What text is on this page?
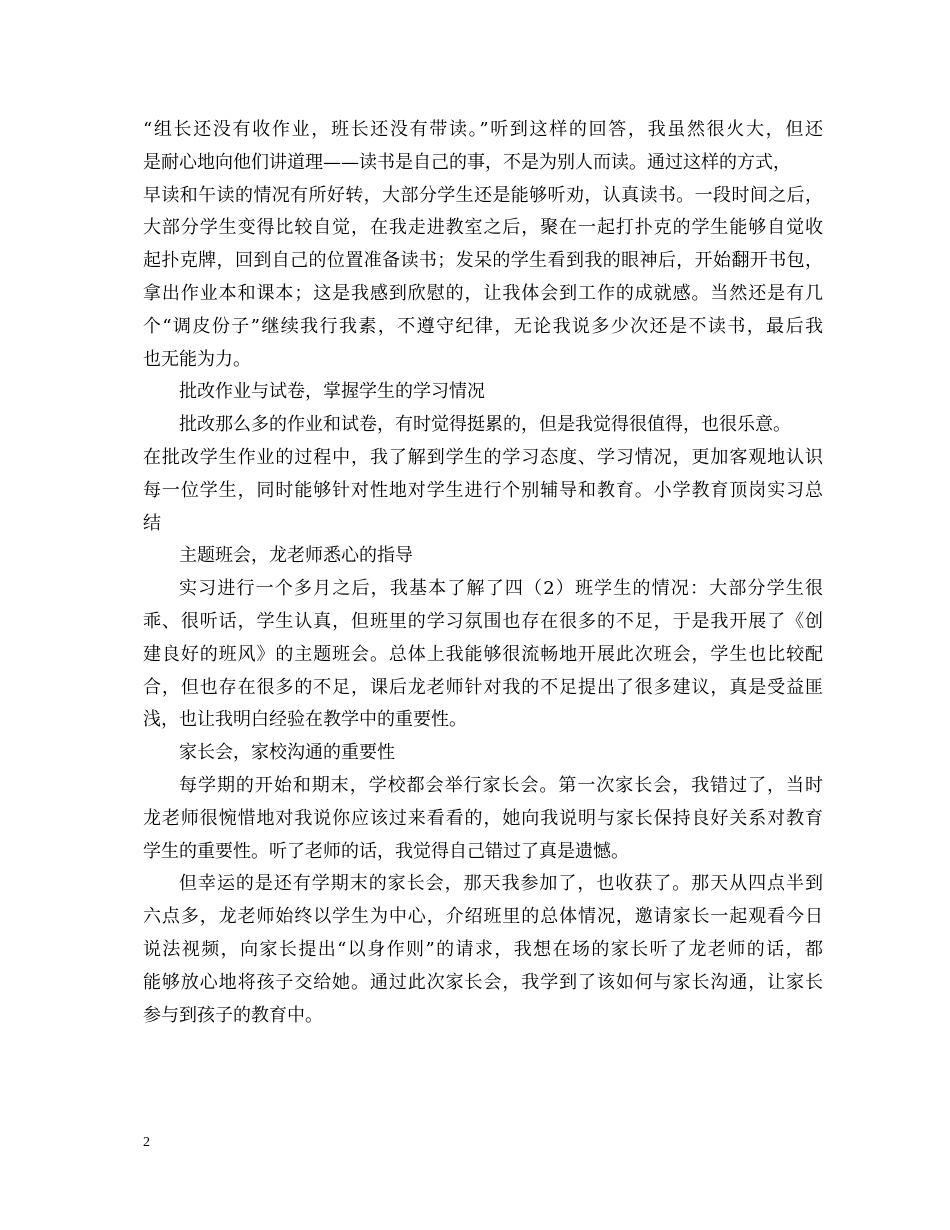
“组长还没有收作业，班长还没有带读。”听到这样的回答，我虽然很火大，但还
是耐心地向他们讲道理——读书是自己的事，不是为别人而读。通过这样的方式，
早读和午读的情况有所好转，大部分学生还是能够听劝，认真读书。一段时间之后，
大部分学生变得比较自觉，在我走进教室之后，聚在一起打扑克的学生能够自觉收
起扑克牌，回到自己的位置准备读书；发呆的学生看到我的眼神后，开始翻开书包，
拿出作业本和课本；这是我感到欣慰的，让我体会到工作的成就感。当然还是有几
个“调皮份子”继续我行我素，不遵守纪律，无论我说多少次还是不读书，最后我
也无能为力。
批改作业与试卷，掌握学生的学习情况
批改那么多的作业和试卷，有时觉得挺累的，但是我觉得很值得，也很乐意。
在批改学生作业的过程中，我了解到学生的学习态度、学习情况，更加客观地认识
每一位学生，同时能够针对性地对学生进行个别辅导和教育。小学教育顶岗实习总
结
主题班会，龙老师悉心的指导
实习进行一个多月之后，我基本了解了四（2）班学生的情况：大部分学生很
乖、很听话，学生认真，但班里的学习氛围也存在很多的不足，于是我开展了《创
建良好的班风》的主题班会。总体上我能够很流畅地开展此次班会，学生也比较配
合，但也存在很多的不足，课后龙老师针对我的不足提出了很多建议，真是受益匪
浅，也让我明白经验在教学中的重要性。
家长会，家校沟通的重要性
每学期的开始和期末，学校都会举行家长会。第一次家长会，我错过了，当时
龙老师很惋惜地对我说你应该过来看看的，她向我说明与家长保持良好关系对教育
学生的重要性。听了老师的话，我觉得自己错过了真是遗憾。
但幸运的是还有学期末的家长会，那天我参加了，也收获了。那天从四点半到
六点多，龙老师始终以学生为中心，介绍班里的总体情况，邀请家长一起观看今日
说法视频，向家长提出“以身作则”的请求，我想在场的家长听了龙老师的话，都
能够放心地将孩子交给她。通过此次家长会，我学到了该如何与家长沟通，让家长
参与到孩子的教育中。
2
